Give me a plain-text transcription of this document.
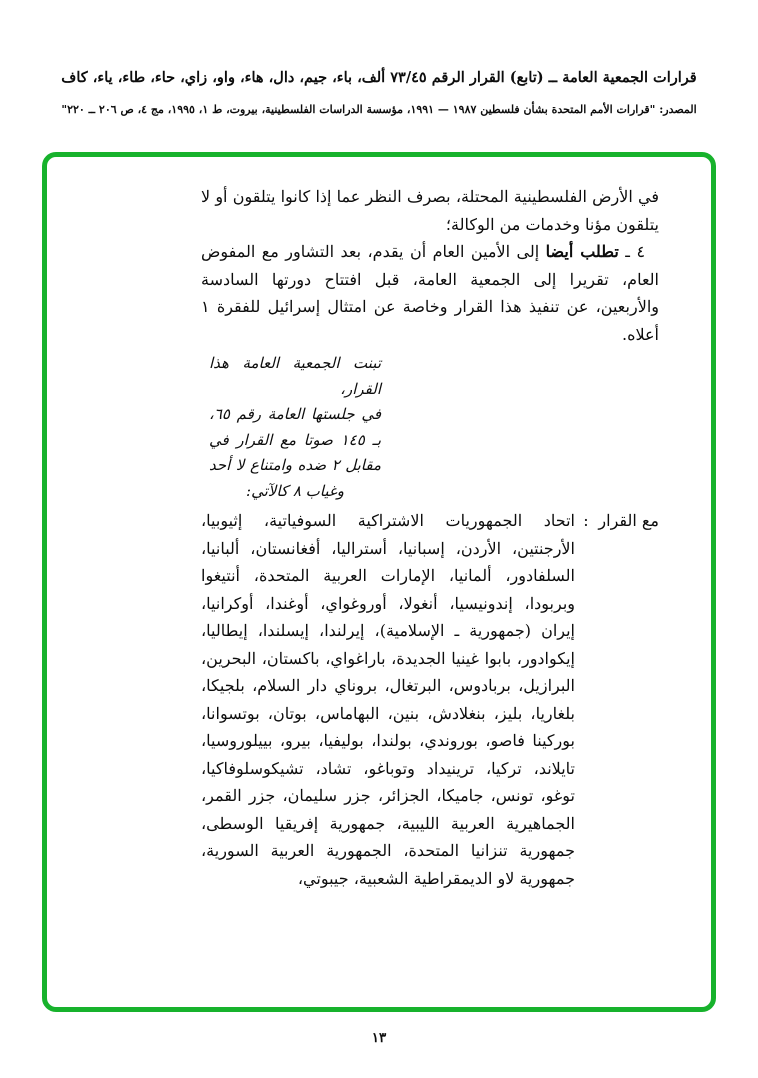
قرارات الجمعية العامة ــ (تابع) القرار الرقم ٧٣/٤٥ ألف، باء، جيم، دال، هاء، واو، زاي، حاء، طاء، ياء، كاف
المصدر: "قرارات الأمم المتحدة بشأن فلسطين ١٩٨٧ — ١٩٩١، مؤسسة الدراسات الفلسطينية، بيروت، ط ١، ١٩٩٥، مج ٤، ص ٢٠٦ ــ ٢٢٠"

في الأرض الفلسطينية المحتلة، بصرف النظر عما إذا كانوا يتلقون أو لا يتلقون مؤنا وخدمات من الوكالة؛

٤ ـ تطلب أيضا إلى الأمين العام أن يقدم، بعد التشاور مع المفوض العام، تقريرا إلى الجمعية العامة، قبل افتتاح دورتها السادسة والأربعين، عن تنفيذ هذا القرار وخاصة عن امتثال إسرائيل للفقرة ١ أعلاه.

تبنت الجمعية العامة هذا القرار،
في جلستها العامة رقم ٦٥،
بـ ١٤٥ صوتا مع القرار في
مقابل ٢ ضده وامتناع لا أحد
وغياب ٨ كالآتي:
مع القرار
:
اتحاد الجمهوريات الاشتراكية السوفياتية، إثيوبيا، الأرجنتين، الأردن، إسبانيا، أستراليا، أفغانستان، ألبانيا، السلفادور، ألمانيا، الإمارات العربية المتحدة، أنتيغوا وبربودا، إندونيسيا، أنغولا، أوروغواي، أوغندا، أوكرانيا، إيران (جمهورية ـ الإسلامية)، إيرلندا، إيسلندا، إيطاليا، إيكوادور، بابوا غينيا الجديدة، باراغواي، باكستان، البحرين، البرازيل، بربادوس، البرتغال، بروناي دار السلام، بلجيكا، بلغاريا، بليز، بنغلادش، بنين، البهاماس، بوتان، بوتسوانا، بوركينا فاصو، بوروندي، بولندا، بوليفيا، بيرو، بييلوروسيا، تايلاند، تركيا، ترينيداد وتوباغو، تشاد، تشيكوسلوفاكيا، توغو، تونس، جاميكا، الجزائر، جزر سليمان، جزر القمر، الجماهيرية العربية الليبية، جمهورية إفريقيا الوسطى، جمهورية تنزانيا المتحدة، الجمهورية العربية السورية، جمهورية لاو الديمقراطية الشعبية، جيبوتي،
١٣
